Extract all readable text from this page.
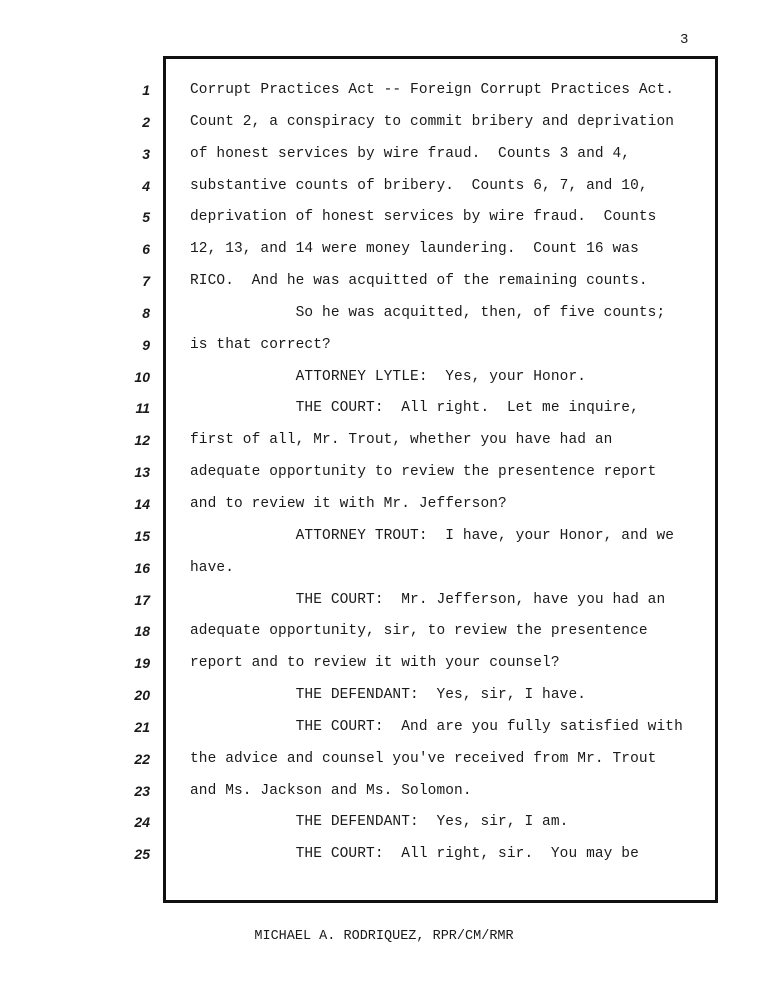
3
1
2
3
4
5
6
7
8
9
10
11
12
13
14
15
16
17
18
19
20
21
22
23
24
25
Corrupt Practices Act -- Foreign Corrupt Practices Act.
Count 2, a conspiracy to commit bribery and deprivation
of honest services by wire fraud.  Counts 3 and 4,
substantive counts of bribery.  Counts 6, 7, and 10,
deprivation of honest services by wire fraud.  Counts
12, 13, and 14 were money laundering.  Count 16 was
RICO.  And he was acquitted of the remaining counts.
So he was acquitted, then, of five counts;
is that correct?
ATTORNEY LYTLE:  Yes, your Honor.
THE COURT:  All right.  Let me inquire,
first of all, Mr. Trout, whether you have had an
adequate opportunity to review the presentence report
and to review it with Mr. Jefferson?
ATTORNEY TROUT:  I have, your Honor, and we
have.
THE COURT:  Mr. Jefferson, have you had an
adequate opportunity, sir, to review the presentence
report and to review it with your counsel?
THE DEFENDANT:  Yes, sir, I have.
THE COURT:  And are you fully satisfied with
the advice and counsel you've received from Mr. Trout
and Ms. Jackson and Ms. Solomon.
THE DEFENDANT:  Yes, sir, I am.
THE COURT:  All right, sir.  You may be
MICHAEL A. RODRIQUEZ, RPR/CM/RMR
